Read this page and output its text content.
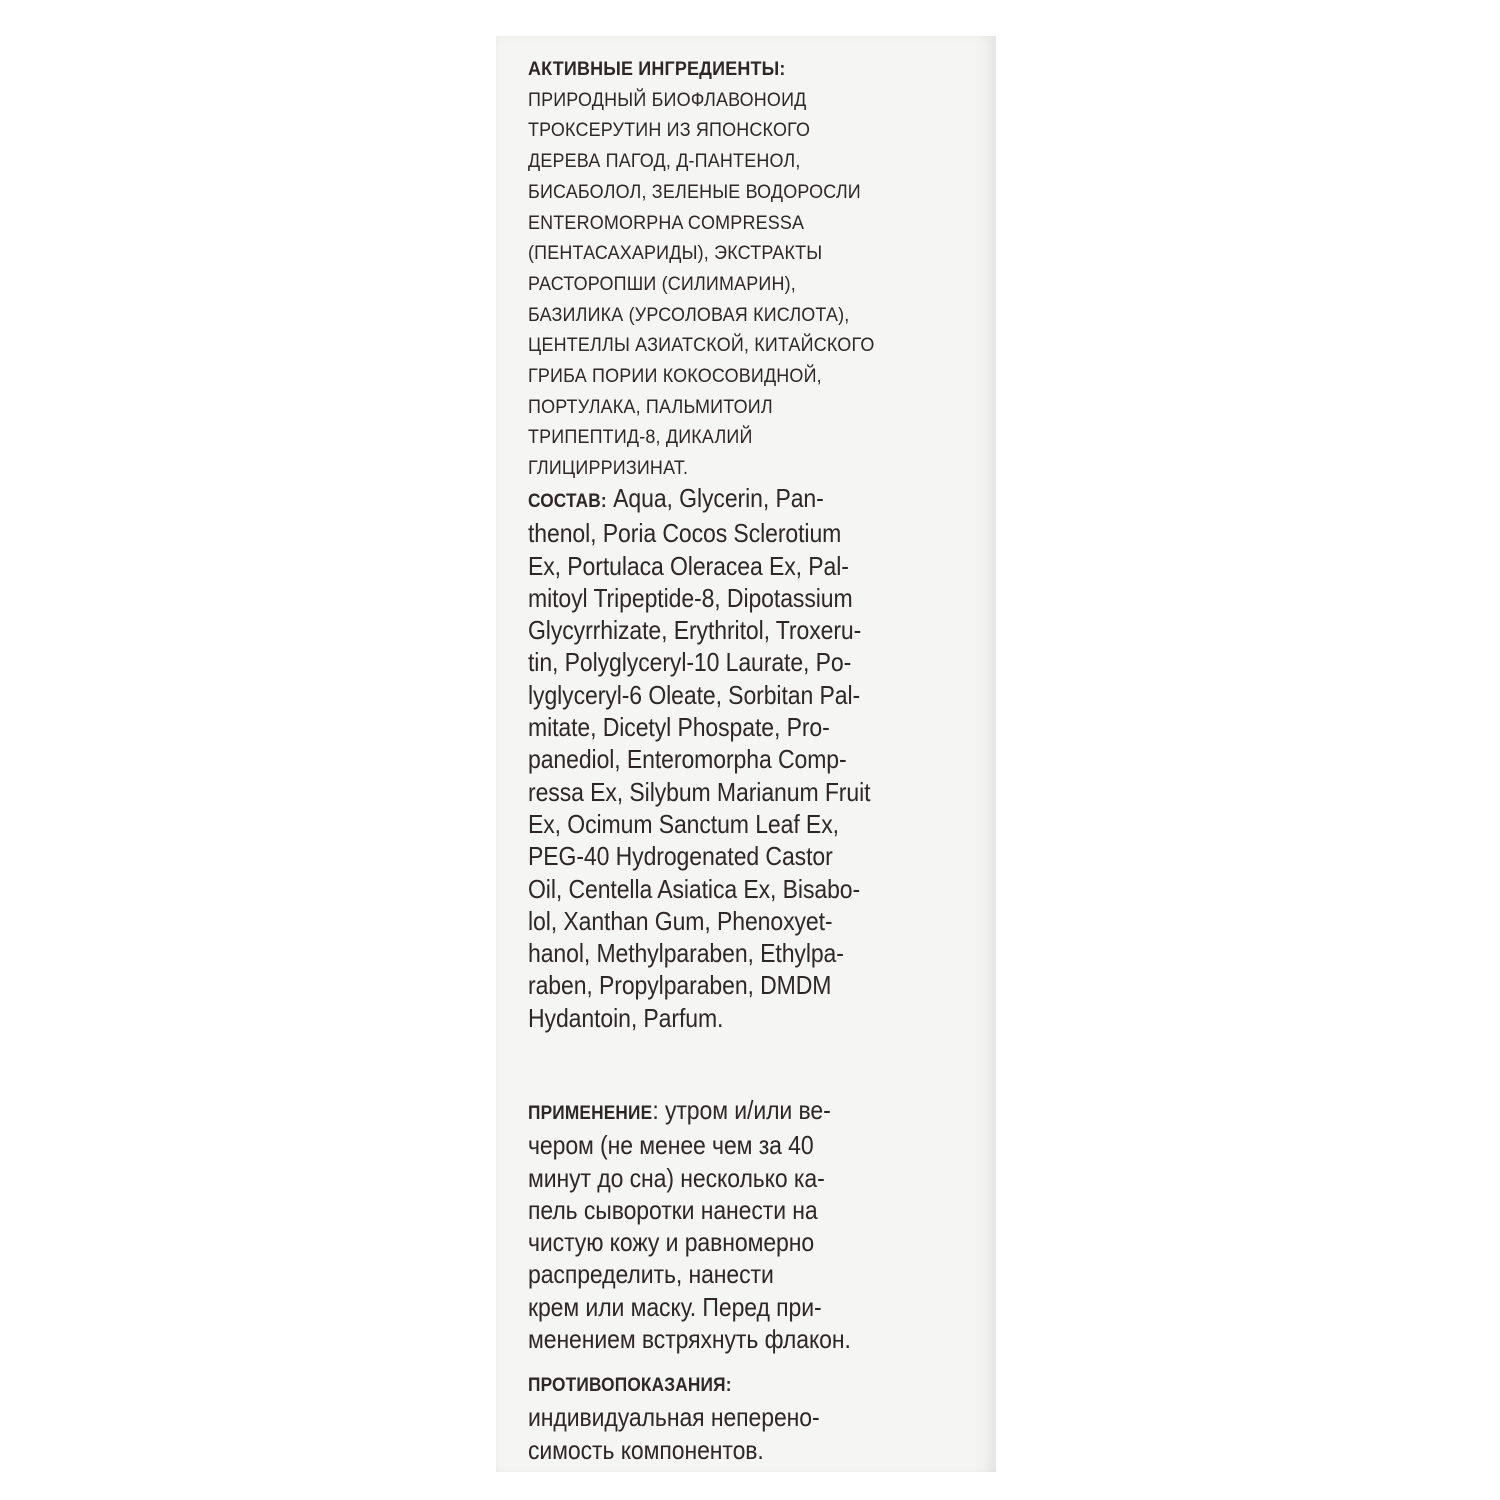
АКТИВНЫЕ ИНГРЕДИЕНТЫ:
ПРИРОДНЫЙ БИОФЛАВОНОИД
ТРОКСЕРУТИН ИЗ ЯПОНСКОГО
ДЕРЕВА ПАГОД, Д-ПАНТЕНОЛ,
БИСАБОЛОЛ, ЗЕЛЕНЫЕ ВОДОРОСЛИ
ENTEROMORPHA COMPRESSA
(ПЕНТАСАХАРИДЫ), ЭКСТРАКТЫ
РАСТОРОПШИ (СИЛИМАРИН),
БАЗИЛИКА (УРСОЛОВАЯ КИСЛОТА),
ЦЕНТЕЛЛЫ АЗИАТСКОЙ, КИТАЙСКОГО
ГРИБА ПОРИИ КОКОСОВИДНОЙ,
ПОРТУЛАКА, ПАЛЬМИТОИЛ
ТРИПЕПТИД-8, ДИКАЛИЙ
ГЛИЦИРРИЗИНАТ.
СОСТАВ: Aqua, Glycerin, Pan-
thenol, Poria Cocos Sclerotium
Ex, Portulaca Oleracea Ex, Pal-
mitoyl Tripeptide-8, Dipotassium
Glycyrrhizate, Erythritol, Troxeru-
tin, Polyglyceryl-10 Laurate, Po-
lyglyceryl-6 Oleate, Sorbitan Pal-
mitate, Dicetyl Phospate, Pro-
panediol, Enteromorpha Comp-
ressa Ex, Silybum Marianum Fruit
Ex, Ocimum Sanctum Leaf Ex,
PEG-40 Hydrogenated Castor
Oil, Centella Asiatica Ex, Bisabo-
lol, Xanthan Gum, Phenoxyet-
hanol, Methylparaben, Ethylpa-
raben, Propylparaben, DMDM
Hydantoin, Parfum.
ПРИМЕНЕНИЕ: утром и/или ве-
чером (не менее чем за 40
минут до сна) несколько ка-
пель сыворотки нанести на
чистую кожу и равномерно
распределить, нанести
крем или маску. Перед при-
менением встряхнуть флакон.
ПРОТИВОПОКАЗАНИЯ:
индивидуальная неперено-
симость компонентов.
